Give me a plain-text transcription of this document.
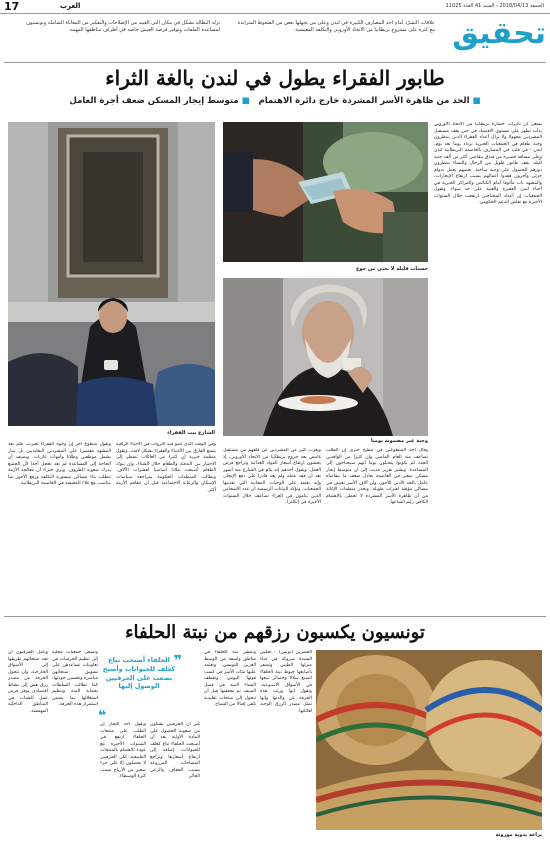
17	العرب	الجمعة 2018/04/13 - السنة 41 العدد 11025
علاقات التشرّد أمام أحد المصارف الكبيرة في لندن وعلى من يجهلها بعض من الضغوط المتزايدة مع كثرة على مشروع بريطانيا من الاتحاد الأوروبي والتكلفة المعيشية.
نزلة البطالة تشكل في مكان التي العبيد من الإصلاحات والتفكير من المعاناة الشاملة وتونسيون لمساعدة الملفات وتوفير فرصة العيش خاصة في أطراف مناطقها المهمة.	تحقيق
طابور الفقراء يطول في لندن بالغة الثراء
■ الحد من ظاهرة الأسر المشردة خارج دائرة الاهتمام   ■ متوسط إيجار المسكن ضعف أجرة العامل
الشارع بيت الفقراء
حسنات قليلة لا تغني من جوع
وجبة غير مضمونة يوميا
يسعى أن تأثيرات خسارة بريطانيا من الاتحاد الأوروبي بدأت تظهر على مستوى الاقتصاد في حين يقف مستقبل المشردين مجهولا ولا تزال أعداد الفقراء الذين ينتظرون وجبة طعام في الجمعيات الخيرية تزداد يوما بعد يوم. لندن - في قلب حي المصارف بالعاصمة البريطانية لندن وعلى مسافة قصيرة من فندق يتقاضى أكثر من ألف جنيه للّيلة، يقف طابور طويل من الرجال والنساء ينتظرون دورهم للحصول على وجبة ساخنة. بعضهم يعمل بدوام جزئي وآخرون فقدوا أعمالهم بسبب ارتفاع الإيجارات، والمشهد بات مألوفا أمام الكنائس والمراكز الخيرية في أحياء لندن الفقيرة والغنية على حد سواء. وتقول الجمعيات إن أعداد المحتاجين ارتفعت خلال السنوات الأخيرة مع تقلص الدعم الحكومي.
وقال أحد المتطوعين في مطبخ خيري إن الطلب تضاعف منذ العام الماضي وإن كثيرا من الوافدين الجدد لم يكونوا يتخيلون يوما أنهم سيحتاجون إلى المساعدة. ويشير تقرير حديث إلى أن متوسط إيجار مسكن صغير في العاصمة يعادل ضعف ما يتقاضاه عامل بالحد الأدنى للأجور، وأن آلاف الأسر تعيش في مساكن مؤقتة لفترات طويلة. وتحذر منظمات الإغاثة من أن ظاهرة الأسر المشردة لا تحظى بالاهتمام الكافي رغم اتساعها.
ويعرب كثير من المشردين عن قلقهم من مستقبل غامض بعد خروج بريطانيا من الاتحاد الأوروبي، إذ يخشون ارتفاع أسعار المواد الغذائية وتراجع فرص العمل. ويقول أحدهم إنه ينام في الشارع منذ أشهر بعد أن فقد عمله ولم يعد قادرا على دفع الإيجار، وإنه يعتمد على الوجبات المجانية التي تقدمها الجمعيات. وتؤكد البيانات الرسمية أن عدد الأشخاص الذين ينامون في العراء تضاعف خلال السنوات الأخيرة في إنكلترا.
وفي الوقت الذي تنمو فيه الثروات في الأحياء الراقية يتسع الفارق بين الأغنياء والفقراء بشكل لافت. وتقول منظمة خيرية إن كثيرا من العائلات تضطر إلى الاختيار بين التدفئة والطعام خلال الشتاء، وإن بنوك الطعام أصبحت ملاذا أساسيا لعشرات الآلاف. وتطالب المنظمات الحكومة بمراجعة سياسات الإسكان والرعاية الاجتماعية قبل أن تتفاقم الأزمة أكثر.
ويقول متطوع آخر إن وجوه الفقراء تغيرت، فلم يعد المشهد مقتصرا على المشردين التقليديين بل صار يشمل موظفين وطلابا وأمهات عازبات. ويضيف أن الحاجة إلى المساعدة لم تعد تخجل أحدا لأن الجميع يدرك صعوبة الظروف. ويرى خبراء أن معالجة الأزمة تتطلب بناء مساكن ميسورة التكلفة ورفع الأجور بما يتناسب مع غلاء المعيشة في العاصمة البريطانية.
تونسيون يكسبون رزقهم من نبتة الحلفاء
براعة يدوية موروثة
القصرين (تونس) - تجلس السيدة مبروكة في فناء منزلها الطيني وتضفر بأصابعها خيوط نبتة الحلفاء لتصنع سلالا وحصائر تبيعها في الأسواق الأسبوعية. وتقول إنها ورثت هذه الحرفة عن والدتها وإنها تمثل مصدر الرزق الوحيد لعائلتها.
وتنتشر نبتة الحلفاء في مناطق واسعة من الوسط الغربي التونسي، وتعتمد عليها مئات الأسر في كسب قوتها اليومي. وتقطف النساء النبتة في فصل الصيف ثم يجففنها قبل أن تتحول إلى منتجات تقليدية تلقى إقبالا من السياح.
غير أن الحرفيين يشكون من صعوبة الحصول على المادة الأولية بعد أن أصبحت الحلفاء تباع كعلف للحيوانات، إضافة إلى ارتفاع أسعارها وتراجع المساحات المزروعة بسبب الجفاف والرعي الجائر.
ويقول أحد التجار إن الطلب على منتجات الحلفاء ارتفع في السنوات الأخيرة مع عودة الاهتمام بالمنتجات الطبيعية، لكن الحرفيين لا يحصلون إلا على جزء صغير من الأرباح بسبب كثرة الوسطاء.
وتسعى جمعيات محلية إلى تنظيم الحرفيات في تعاونيات تساعدهن على تسويق منتجاتهن مباشرة وتحسين جودتها، كما تطالب السلطات بحماية النبتة وتنظيم استغلالها بما يضمن استمرار هذه الحرفة.
ويأمل الحرفيون أن تجد منتجاتهم طريقها إلى الأسواق الخارجية، وأن تتحول الحرفة من مصدر رزق هش إلى نشاط اقتصادي يوفر فرص عمل للشباب في المناطق الداخلية المهمشة.
❞
الحلفاء أصبحت تباع كعلف للحيوانات وأصبح يصعب على الحرفيين الوصول إليها
❝
